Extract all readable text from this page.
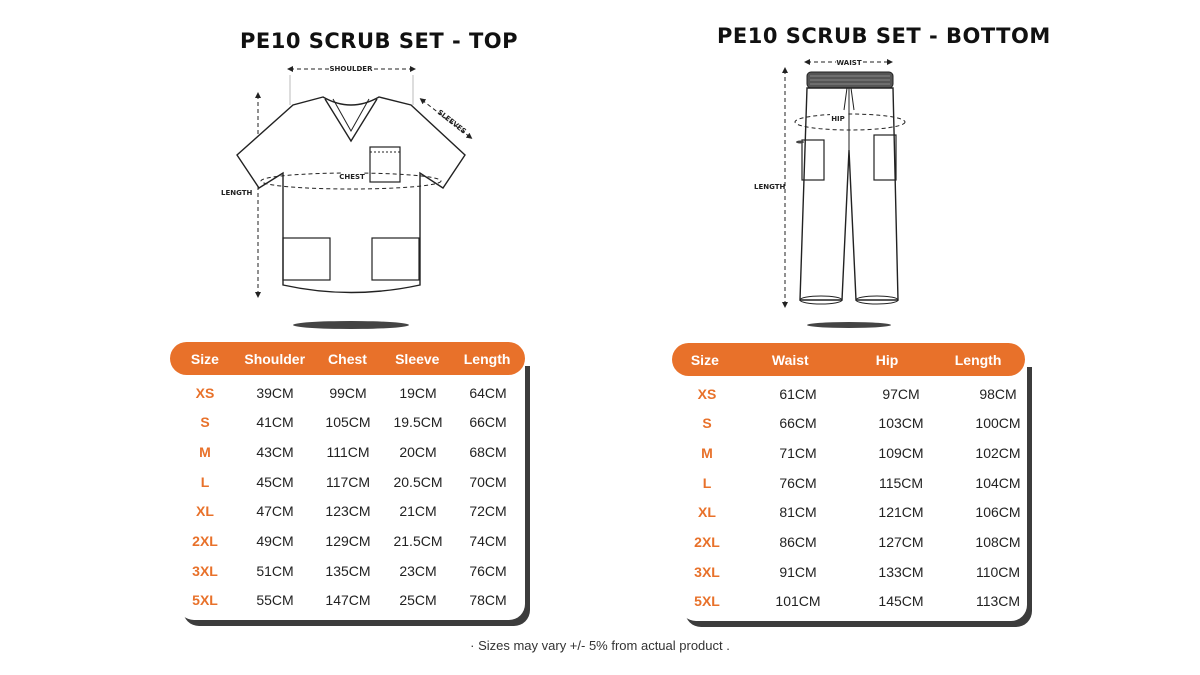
PE10 SCRUB SET - TOP	PE10 SCRUB SET - BOTTOM
SHOULDER
LENGTH
SLEEVES
CHEST
WAIST
LENGTH
HIP
Size	Shoulder	Chest	Sleeve	Length
XS	39CM	99CM	19CM	64CM
S	41CM	105CM	19.5CM	66CM
M	43CM	111CM	20CM	68CM
L	45CM	117CM	20.5CM	70CM
XL	47CM	123CM	21CM	72CM
2XL	49CM	129CM	21.5CM	74CM
3XL	51CM	135CM	23CM	76CM
5XL	55CM	147CM	25CM	78CM
Size	Waist	Hip	Length
XS	61CM	97CM	98CM
S	66CM	103CM	100CM
M	71CM	109CM	102CM
L	76CM	115CM	104CM
XL	81CM	121CM	106CM
2XL	86CM	127CM	108CM
3XL	91CM	133CM	110CM
5XL	101CM	145CM	113CM
· Sizes may vary +/- 5% from actual product .
